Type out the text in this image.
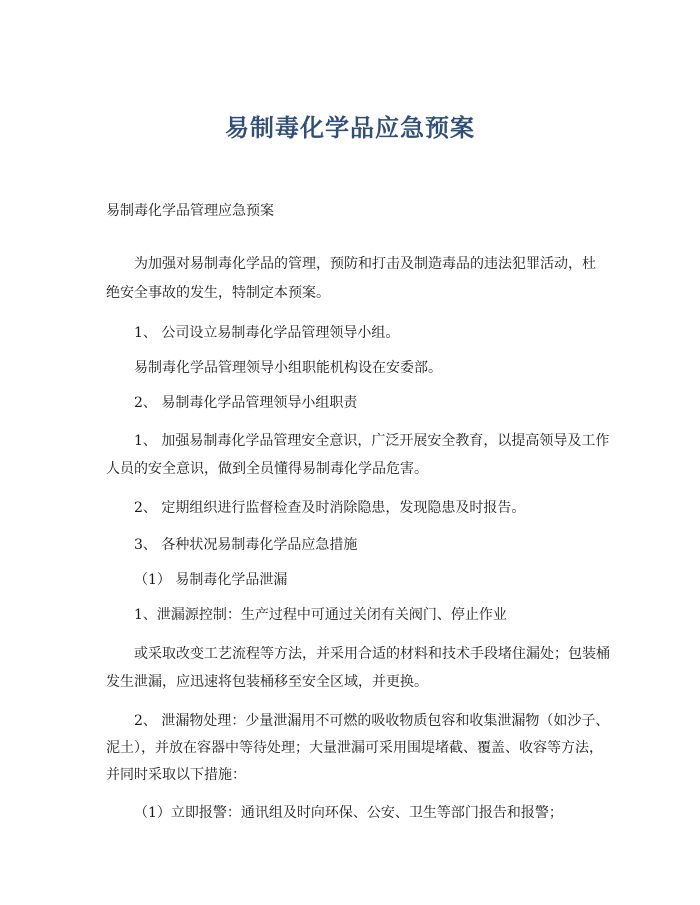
易制毒化学品应急预案

易制毒化学品管理应急预案

为加强对易制毒化学品的管理，预防和打击及制造毒品的违法犯罪活动，杜

绝安全事故的发生，特制定本预案。

1、 公司设立易制毒化学品管理领导小组。

易制毒化学品管理领导小组职能机构设在安委部。

2、 易制毒化学品管理领导小组职责

1、 加强易制毒化学品管理安全意识，广泛开展安全教育，以提高领导及工作

人员的安全意识，做到全员懂得易制毒化学品危害。

2、 定期组织进行监督检查及时消除隐患，发现隐患及时报告。

3、 各种状况易制毒化学品应急措施

（1） 易制毒化学品泄漏

1、泄漏源控制：生产过程中可通过关闭有关阀门、停止作业

或采取改变工艺流程等方法，并采用合适的材料和技术手段堵住漏处；包装桶

发生泄漏，应迅速将包装桶移至安全区域，并更换。

2、 泄漏物处理：少量泄漏用不可燃的吸收物质包容和收集泄漏物（如沙子、

泥土），并放在容器中等待处理；大量泄漏可采用围堤堵截、覆盖、收容等方法，

并同时采取以下措施：

（1）立即报警：通讯组及时向环保、公安、卫生等部门报告和报警；
